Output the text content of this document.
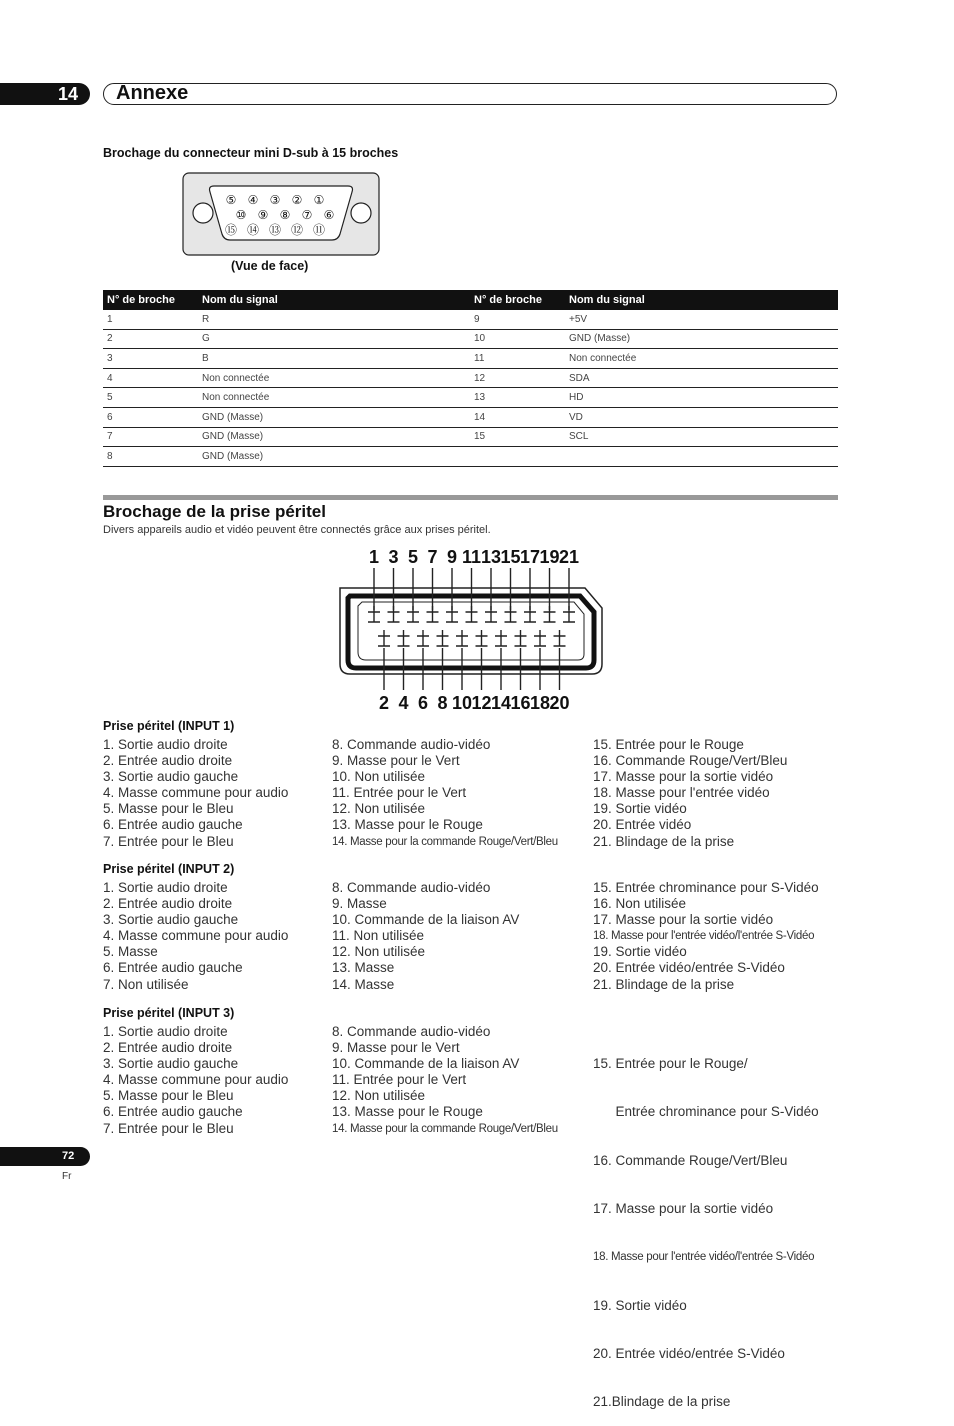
14 Annexe
Brochage du connecteur mini D-sub à 15 broches
⑤ ④ ③ ② ①
⑩ ⑨ ⑧ ⑦ ⑥
⑮ ⑭ ⑬ ⑫ ⑪
(Vue de face)
N° de broche	Nom du signal	N° de broche	Nom du signal
1	R	9	+5V
2	G	10	GND (Masse)
3	B	11	Non connectée
4	Non connectée	12	SDA
5	Non connectée	13	HD
6	GND (Masse)	14	VD
7	GND (Masse)	15	SCL
8	GND (Masse)		
Brochage de la prise péritel
Divers appareils audio et vidéo peuvent être connectés grâce aux prises péritel.
1 3 5 7 9 11 13 15 17 19 21
2 4 6 8 10 12 14 16 18 20
Prise péritel (INPUT 1)
1. Sortie audio droite
2. Entrée audio droite
3. Sortie audio gauche
4. Masse commune pour audio
5. Masse pour le Bleu
6. Entrée audio gauche
7. Entrée pour le Bleu
8. Commande audio-vidéo
9. Masse pour le Vert
10. Non utilisée
11. Entrée pour le Vert
12. Non utilisée
13. Masse pour le Rouge
14. Masse pour la commande Rouge/Vert/Bleu
15. Entrée pour le Rouge
16. Commande Rouge/Vert/Bleu
17. Masse pour la sortie vidéo
18. Masse pour l'entrée vidéo
19. Sortie vidéo
20. Entrée vidéo
21. Blindage de la prise
Prise péritel (INPUT 2)
1. Sortie audio droite
2. Entrée audio droite
3. Sortie audio gauche
4. Masse commune pour audio
5. Masse
6. Entrée audio gauche
7. Non utilisée
8. Commande audio-vidéo
9. Masse
10. Commande de la liaison AV
11. Non utilisée
12. Non utilisée
13. Masse
14. Masse
15. Entrée chrominance pour S-Vidéo
16. Non utilisée
17. Masse pour la sortie vidéo
18. Masse pour l'entrée vidéo/l'entrée S-Vidéo
19. Sortie vidéo
20. Entrée vidéo/entrée S-Vidéo
21. Blindage de la prise
Prise péritel (INPUT 3)
1. Sortie audio droite
2. Entrée audio droite
3. Sortie audio gauche
4. Masse commune pour audio
5. Masse pour le Bleu
6. Entrée audio gauche
7. Entrée pour le Bleu
8. Commande audio-vidéo
9. Masse pour le Vert
10. Commande de la liaison AV
11. Entrée pour le Vert
12. Non utilisée
13. Masse pour le Rouge
14. Masse pour la commande Rouge/Vert/Bleu

15. Entrée pour le Rouge/

Entrée chrominance pour S-Vidéo

16. Commande Rouge/Vert/Bleu

17. Masse pour la sortie vidéo

18. Masse pour l'entrée vidéo/l'entrée S-Vidéo

19. Sortie vidéo

20. Entrée vidéo/entrée S-Vidéo

21.Blindage de la prise

72
Fr
